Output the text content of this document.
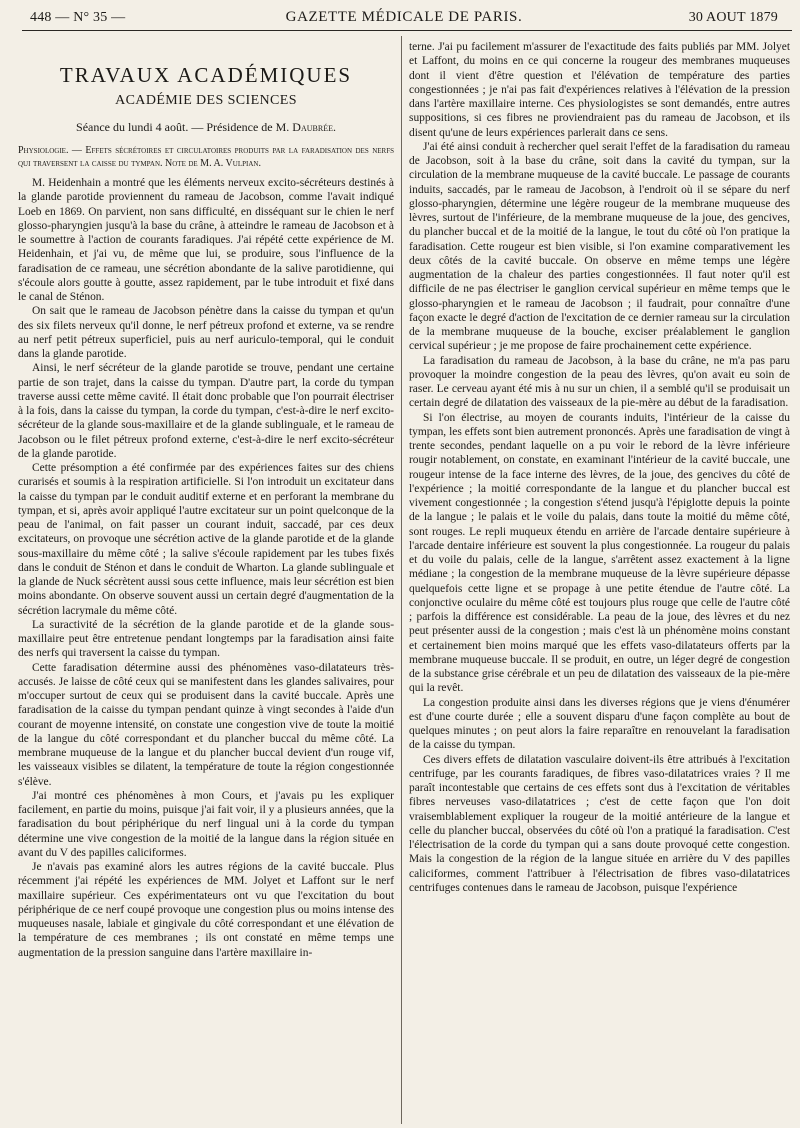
448 — N° 35 —	GAZETTE MÉDICALE DE PARIS.	30 AOUT 1879
TRAVAUX ACADÉMIQUES
ACADÉMIE DES SCIENCES
Séance du lundi 4 août. — Présidence de M. Daubrée.
Physiologie. — Effets sécrétoires et circulatoires produits par la faradisation des nerfs qui traversent la caisse du tympan. Note de M. A. Vulpian.

M. Heidenhain a montré que les éléments nerveux excito-sécréteurs destinés à la glande parotide proviennent du rameau de Jacobson, comme l'avait indiqué Loeb en 1869. On parvient, non sans difficulté, en disséquant sur le chien le nerf glosso-pharyngien jusqu'à la base du crâne, à atteindre le rameau de Jacobson et à le soumettre à l'action de courants faradiques. J'ai répété cette expérience de M. Heidenhain, et j'ai vu, de même que lui, se produire, sous l'influence de la faradisation de ce rameau, une sécrétion abondante de la salive parotidienne, qui s'écoule alors goutte à goutte, assez rapidement, par le tube introduit et fixé dans le canal de Sténon.

On sait que le rameau de Jacobson pénètre dans la caisse du tympan et qu'un des six filets nerveux qu'il donne, le nerf pétreux profond et externe, va se rendre au nerf petit pétreux superficiel, puis au nerf auriculo-temporal, qui le conduit dans la glande parotide.

Ainsi, le nerf sécréteur de la glande parotide se trouve, pendant une certaine partie de son trajet, dans la caisse du tympan. D'autre part, la corde du tympan traverse aussi cette même cavité. Il était donc probable que l'on pourrait électriser à la fois, dans la caisse du tympan, la corde du tympan, c'est-à-dire le nerf excito-sécréteur de la glande sous-maxillaire et de la glande sublinguale, et le rameau de Jacobson ou le filet pétreux profond externe, c'est-à-dire le nerf excito-sécréteur de la glande parotide.

Cette présomption a été confirmée par des expériences faites sur des chiens curarisés et soumis à la respiration artificielle. Si l'on introduit un excitateur dans la caisse du tympan par le conduit auditif externe et en perforant la membrane du tympan, et si, après avoir appliqué l'autre excitateur sur un point quelconque de la peau de l'animal, on fait passer un courant induit, saccadé, par ces deux excitateurs, on provoque une sécrétion active de la glande parotide et de la glande sous-maxillaire du même côté ; la salive s'écoule rapidement par les tubes fixés dans le conduit de Sténon et dans le conduit de Wharton. La glande sublinguale et la glande de Nuck sécrètent aussi sous cette influence, mais leur sécrétion est bien moins abondante. On observe souvent aussi un certain degré d'augmentation de la sécrétion lacrymale du même côté.

La suractivité de la sécrétion de la glande parotide et de la glande sous-maxillaire peut être entretenue pendant longtemps par la faradisation ainsi faite des nerfs qui traversent la caisse du tympan.

Cette faradisation détermine aussi des phénomènes vaso-dilatateurs très-accusés. Je laisse de côté ceux qui se manifestent dans les glandes salivaires, pour m'occuper surtout de ceux qui se produisent dans la cavité buccale. Après une faradisation de la caisse du tympan pendant quinze à vingt secondes à l'aide d'un courant de moyenne intensité, on constate une congestion vive de toute la moitié de la langue du côté correspondant et du plancher buccal du même côté. La membrane muqueuse de la langue et du plancher buccal devient d'un rouge vif, les vaisseaux visibles se dilatent, la température de toute la région congestionnée s'élève.

J'ai montré ces phénomènes à mon Cours, et j'avais pu les expliquer facilement, en partie du moins, puisque j'ai fait voir, il y a plusieurs années, que la faradisation du bout périphérique du nerf lingual uni à la corde du tympan détermine une vive congestion de la moitié de la langue dans la région située en avant du V des papilles caliciformes.

Je n'avais pas examiné alors les autres régions de la cavité buccale. Plus récemment j'ai répété les expériences de MM. Jolyet et Laffont sur le nerf maxillaire supérieur. Ces expérimentateurs ont vu que l'excitation du bout périphérique de ce nerf coupé provoque une congestion plus ou moins intense des muqueuses nasale, labiale et gingivale du côté correspondant et une élévation de la température de ces membranes ; ils ont constaté en même temps une augmentation de la pression sanguine dans l'artère maxillaire in-

terne. J'ai pu facilement m'assurer de l'exactitude des faits publiés par MM. Jolyet et Laffont, du moins en ce qui concerne la rougeur des membranes muqueuses dont il vient d'être question et l'élévation de température des parties congestionnées ; je n'ai pas fait d'expériences relatives à l'élévation de la pression dans l'artère maxillaire interne. Ces physiologistes se sont demandés, entre autres suppositions, si ces fibres ne proviendraient pas du rameau de Jacobson, et ils disent qu'une de leurs expériences parlerait dans ce sens.

J'ai été ainsi conduit à rechercher quel serait l'effet de la faradisation du rameau de Jacobson, soit à la base du crâne, soit dans la cavité du tympan, sur la circulation de la membrane muqueuse de la cavité buccale. Le passage de courants induits, saccadés, par le rameau de Jacobson, à l'endroit où il se sépare du nerf glosso-pharyngien, détermine une légère rougeur de la membrane muqueuse des lèvres, surtout de l'inférieure, de la membrane muqueuse de la joue, des gencives, du plancher buccal et de la moitié de la langue, le tout du côté où l'on pratique la faradisation. Cette rougeur est bien visible, si l'on examine comparativement les deux côtés de la cavité buccale. On observe en même temps une légère augmentation de la chaleur des parties congestionnées. Il faut noter qu'il est difficile de ne pas électriser le ganglion cervical supérieur en même temps que le glosso-pharyngien et le rameau de Jacobson ; il faudrait, pour connaître d'une façon exacte le degré d'action de l'excitation de ce dernier rameau sur la circulation de la membrane muqueuse de la bouche, exciser préalablement le ganglion cervical supérieur ; je me propose de faire prochainement cette expérience.

La faradisation du rameau de Jacobson, à la base du crâne, ne m'a pas paru provoquer la moindre congestion de la peau des lèvres, qu'on avait eu soin de raser. Le cerveau ayant été mis à nu sur un chien, il a semblé qu'il se produisait un certain degré de dilatation des vaisseaux de la pie-mère au début de la faradisation.

Si l'on électrise, au moyen de courants induits, l'intérieur de la caisse du tympan, les effets sont bien autrement prononcés. Après une faradisation de vingt à trente secondes, pendant laquelle on a pu voir le rebord de la lèvre inférieure rougir notablement, on constate, en examinant l'intérieur de la cavité buccale, une rougeur intense de la face interne des lèvres, de la joue, des gencives du côté de l'expérience ; la moitié correspondante de la langue et du plancher buccal est vivement congestionnée ; la congestion s'étend jusqu'à l'épiglotte depuis la pointe de la langue ; le palais et le voile du palais, dans toute la moitié du même côté, sont rouges. Le repli muqueux étendu en arrière de l'arcade dentaire supérieure à l'arcade dentaire inférieure est souvent la plus congestionnée. La rougeur du palais et du voile du palais, celle de la langue, s'arrêtent assez exactement à la ligne médiane ; la congestion de la membrane muqueuse de la lèvre supérieure dépasse quelquefois cette ligne et se propage à une petite étendue de l'autre côté. La conjonctive oculaire du même côté est toujours plus rouge que celle de l'autre côté ; parfois la différence est considérable. La peau de la joue, des lèvres et du nez peut présenter aussi de la congestion ; mais c'est là un phénomène moins constant et certainement bien moins marqué que les effets vaso-dilatateurs offerts par la membrane muqueuse buccale. Il se produit, en outre, un léger degré de congestion de la substance grise cérébrale et un peu de dilatation des vaisseaux de la pie-mère qui la revêt.

La congestion produite ainsi dans les diverses régions que je viens d'énumérer est d'une courte durée ; elle a souvent disparu d'une façon complète au bout de quelques minutes ; on peut alors la faire reparaître en renouvelant la faradisation de la caisse du tympan.

Ces divers effets de dilatation vasculaire doivent-ils être attribués à l'excitation centrifuge, par les courants faradiques, de fibres vaso-dilatatrices vraies ? Il me paraît incontestable que certains de ces effets sont dus à l'excitation de véritables fibres nerveuses vaso-dilatatrices ; c'est de cette façon que l'on doit vraisemblablement expliquer la rougeur de la moitié antérieure de la langue et celle du plancher buccal, observées du côté où l'on a pratiqué la faradisation. C'est l'électrisation de la corde du tympan qui a sans doute provoqué cette congestion. Mais la congestion de la région de la langue située en arrière du V des papilles caliciformes, comment l'attribuer à l'électrisation de fibres vaso-dilatatrices centrifuges contenues dans le rameau de Jacobson, puisque l'expérience
